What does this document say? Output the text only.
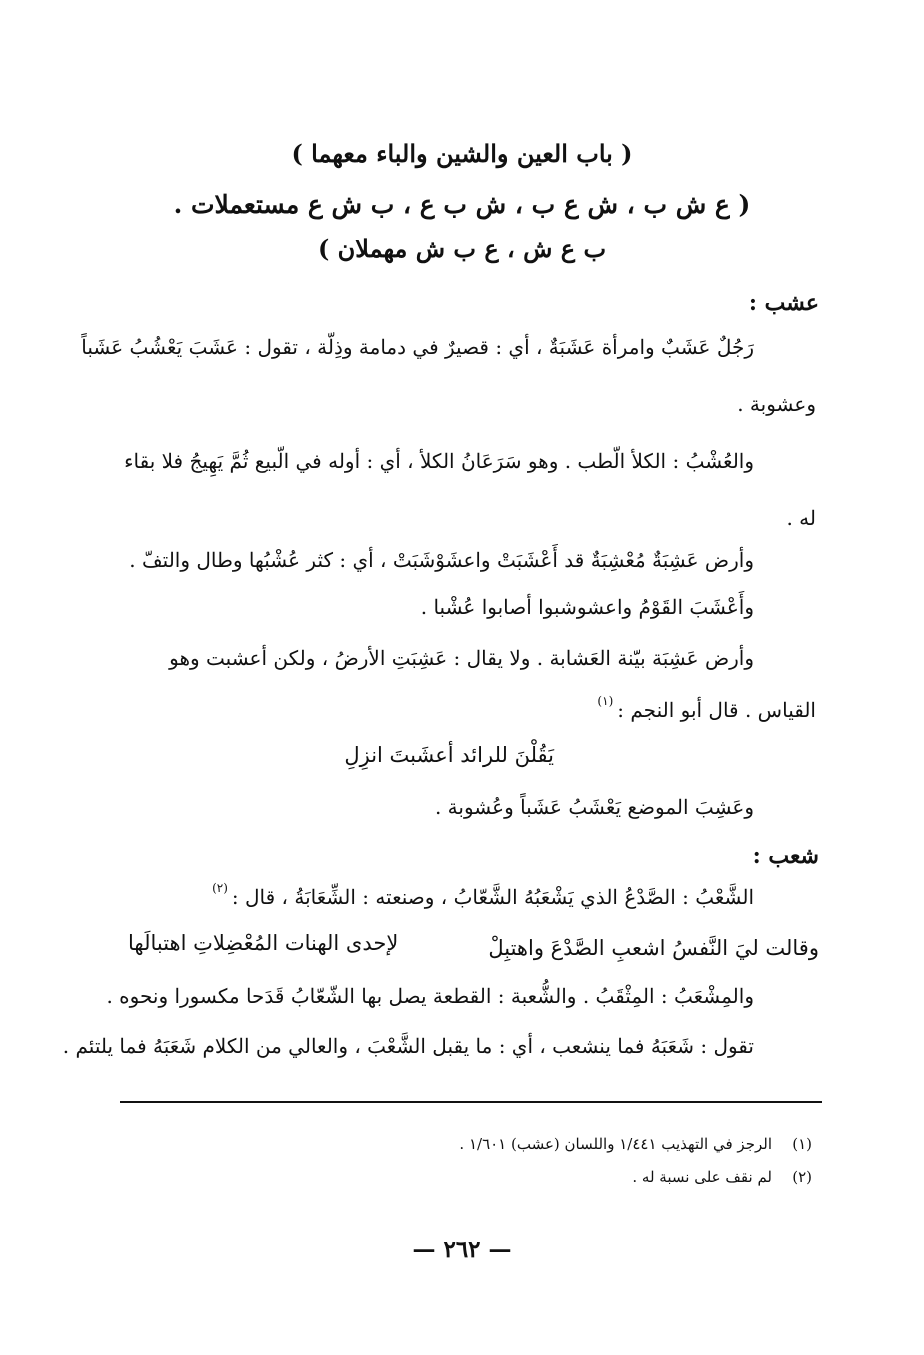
( باب العين والشين والباء معهما )
( ع ش ب ، ش ع ب ، ش ب ع ، ب ش ع مستعملات .
ب ع ش ، ع ب ش مهملان )
عشب :
رَجُلٌ عَشَبٌ وامرأة عَشَبَةٌ ، أي : قصيرٌ في دمامة وذِلّة ، تقول : عَشَبَ يَعْشُبُ عَشَباً
وعشوبة .
والعُشْبُ : الكلأ الّطب . وهو سَرَعَانُ الكلأ ، أي : أوله في الّبيع ثُمَّ يَهِيجُ فلا بقاء
له .
وأرض عَشِبَةٌ مُعْشِبَةٌ قد أَعْشَبَتْ واعشَوْشَبَتْ ، أي : كثر عُشْبُها وطال والتفّ .
وأَعْشَبَ القَوْمُ واعشوشبوا أصابوا عُشْبا .
وأرض عَشِبَة بيّنة العَشابة . ولا يقال : عَشِبَتِ الأرضُ ، ولكن أعشبت وهو
القياس . قال أبو النجم :$^{(١)}$
يَقُلْنَ للرائد أعشَبتَ انزِلِ
وعَشِبَ الموضع يَعْشَبُ عَشَباً وعُشوبة .
شعب :
الشَّعْبُ : الصَّدْعُ الذي يَشْعَبُهُ الشَّعّابُ ، وصنعته : الشِّعَابَةُ ، قال :$^{(٢)}$
وقالت ليَ النَّفسُ اشعبِ الصَّدْعَ واهتبِلْ
لإحدى الهنات المُعْضِلاتِ اهتبالَها
والمِشْعَبُ : المِثْقَبُ . والشُّعبة : القطعة يصل بها الشّعّابُ قَدَحا مكسورا ونحوه .
تقول : شَعَبَهُ فما ينشعب ، أي : ما يقبل الشَّعْبَ ، والعالي من الكلام شَعَبَهُ فما يلتئم .
(١)الرجز في التهذيب ١/٤٤١ واللسان (عشب) ١/٦٠١ .
(٢)لم نقف على نسبة له .
— ٢٦٢ —
